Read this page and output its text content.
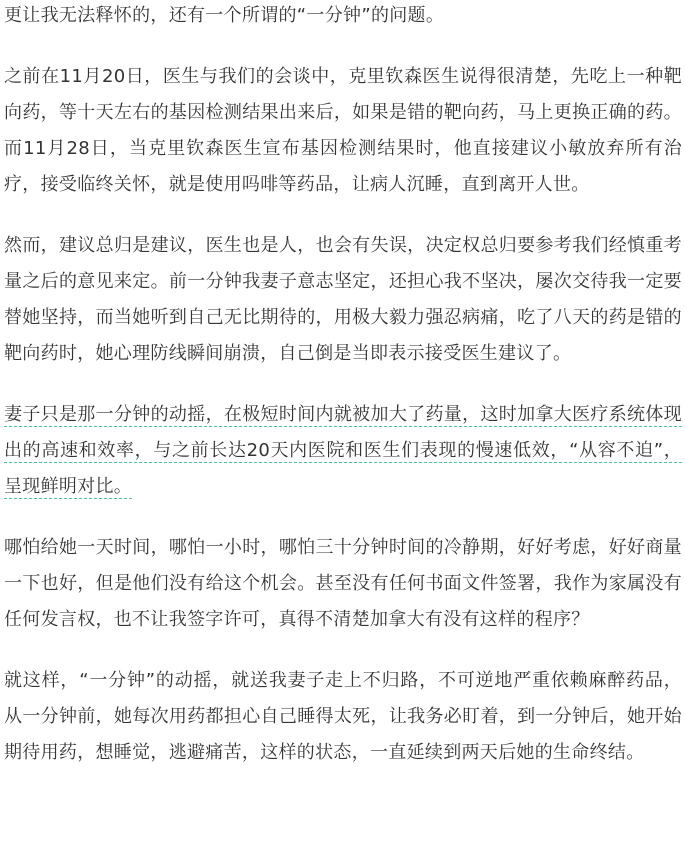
更让我无法释怀的，还有一个所谓的“一分钟”的问题。

之前在11月20日，医生与我们的会谈中，克里钦森医生说得很清楚，先吃上一种靶向药，等十天左右的基因检测结果出来后，如果是错的靶向药，马上更换正确的药。而11月28日，当克里钦森医生宣布基因检测结果时，他直接建议小敏放弃所有治疗，接受临终关怀，就是使用吗啡等药品，让病人沉睡，直到离开人世。

然而，建议总归是建议，医生也是人，也会有失误，决定权总归要参考我们经慎重考量之后的意见来定。前一分钟我妻子意志坚定，还担心我不坚决，屡次交待我一定要替她坚持，而当她听到自己无比期待的，用极大毅力强忍病痛，吃了八天的药是错的靶向药时，她心理防线瞬间崩溃，自己倒是当即表示接受医生建议了。

妻子只是那一分钟的动摇，在极短时间内就被加大了药量，这时加拿大医疗系统体现出的高速和效率，与之前长达20天内医院和医生们表现的慢速低效，“从容不迫”，呈现鲜明对比。

哪怕给她一天时间，哪怕一小时，哪怕三十分钟时间的冷静期，好好考虑，好好商量一下也好，但是他们没有给这个机会。甚至没有任何书面文件签署，我作为家属没有任何发言权，也不让我签字许可，真得不清楚加拿大有没有这样的程序？

就这样，“一分钟”的动摇，就送我妻子走上不归路，不可逆地严重依赖麻醉药品，从一分钟前，她每次用药都担心自己睡得太死，让我务必盯着，到一分钟后，她开始期待用药，想睡觉，逃避痛苦，这样的状态，一直延续到两天后她的生命终结。
